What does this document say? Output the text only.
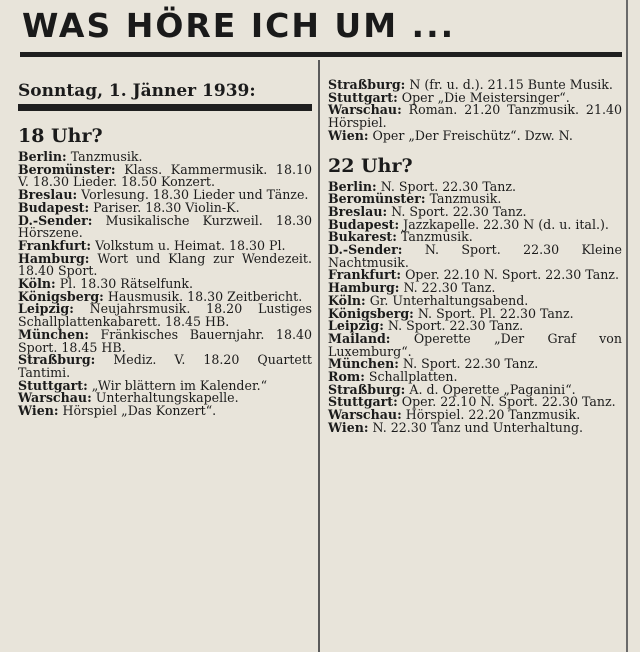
WAS HÖRE ICH UM ...
Sonntag, 1. Jänner 1939:
18 Uhr?

Berlin: Tanzmusik.

Beromünster: Klass. Kammermusik. 18.10 V. 18.30 Lieder. 18.50 Konzert.

Breslau: Vorlesung. 18.30 Lieder und Tänze.

Budapest: Pariser. 18.30 Violin-K.

D.-Sender: Musikalische Kurzweil. 18.30 Hörszene.

Frankfurt: Volkstum u. Heimat. 18.30 Pl.

Hamburg: Wort und Klang zur Wendezeit. 18.40 Sport.

Köln: Pl. 18.30 Rätselfunk.

Königsberg: Hausmusik. 18.30 Zeitbericht.

Leipzig: Neujahrsmusik. 18.20 Lustiges Schallplattenkabarett. 18.45 HB.

München: Fränkisches Bauernjahr. 18.40 Sport. 18.45 HB.

Straßburg: Mediz. V. 18.20 Quartett Tantimi.

Stuttgart: „Wir blättern im Kalender.“

Warschau: Unterhaltungskapelle.

Wien: Hörspiel „Das Konzert“.

Straßburg: N (fr. u. d.). 21.15 Bunte Musik.

Stuttgart: Oper „Die Meistersinger“.

Warschau: Roman. 21.20 Tanzmusik. 21.40 Hörspiel.

Wien: Oper „Der Freischütz“. Dzw. N.

22 Uhr?

Berlin: N. Sport. 22.30 Tanz.

Beromünster: Tanzmusik.

Breslau: N. Sport. 22.30 Tanz.

Budapest: Jazzkapelle. 22.30 N (d. u. ital.).

Bukarest: Tanzmusik.

D.-Sender: N. Sport. 22.30 Kleine Nachtmusik.

Frankfurt: Oper. 22.10 N. Sport. 22.30 Tanz.

Hamburg: N. 22.30 Tanz.

Köln: Gr. Unterhaltungsabend.

Königsberg: N. Sport. Pl. 22.30 Tanz.

Leipzig: N. Sport. 22.30 Tanz.

Mailand: Operette „Der Graf von Luxemburg“.

München: N. Sport. 22.30 Tanz.

Rom: Schallplatten.

Straßburg: A. d. Operette „Paganini“.

Stuttgart: Oper. 22.10 N. Sport. 22.30 Tanz.

Warschau: Hörspiel. 22.20 Tanzmusik.

Wien: N. 22.30 Tanz und Unterhaltung.
